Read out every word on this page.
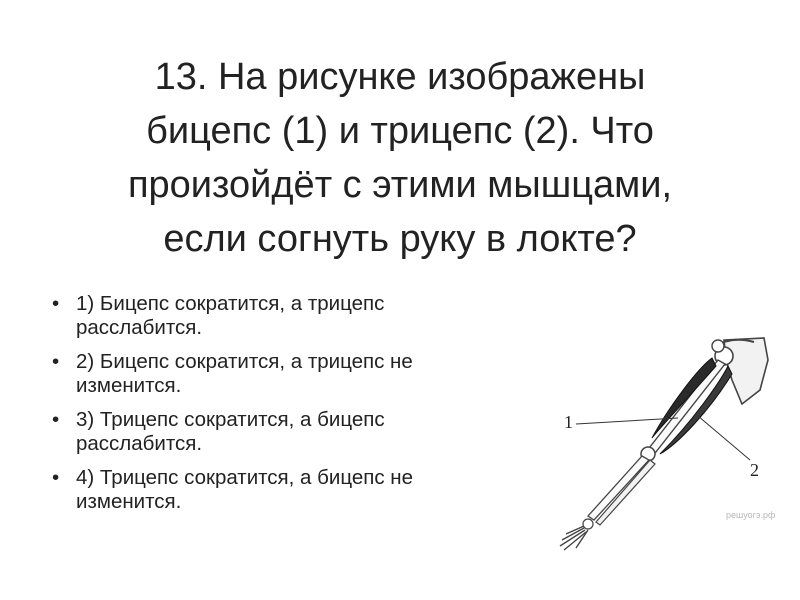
13. На рисунке изображены
бицепс (1) и трицепс (2). Что
произойдёт с этими мышцами,
если согнуть руку в локте?
• 1) Бицепс сократится, а трицепс
расслабится.
• 2) Бицепс сократится, а трицепс не
изменится.
• 3) Трицепс сократится, а бицепс
расслабится.
• 4) Трицепс сократится, а бицепс не
изменится.
1
2
решуогэ.рф
